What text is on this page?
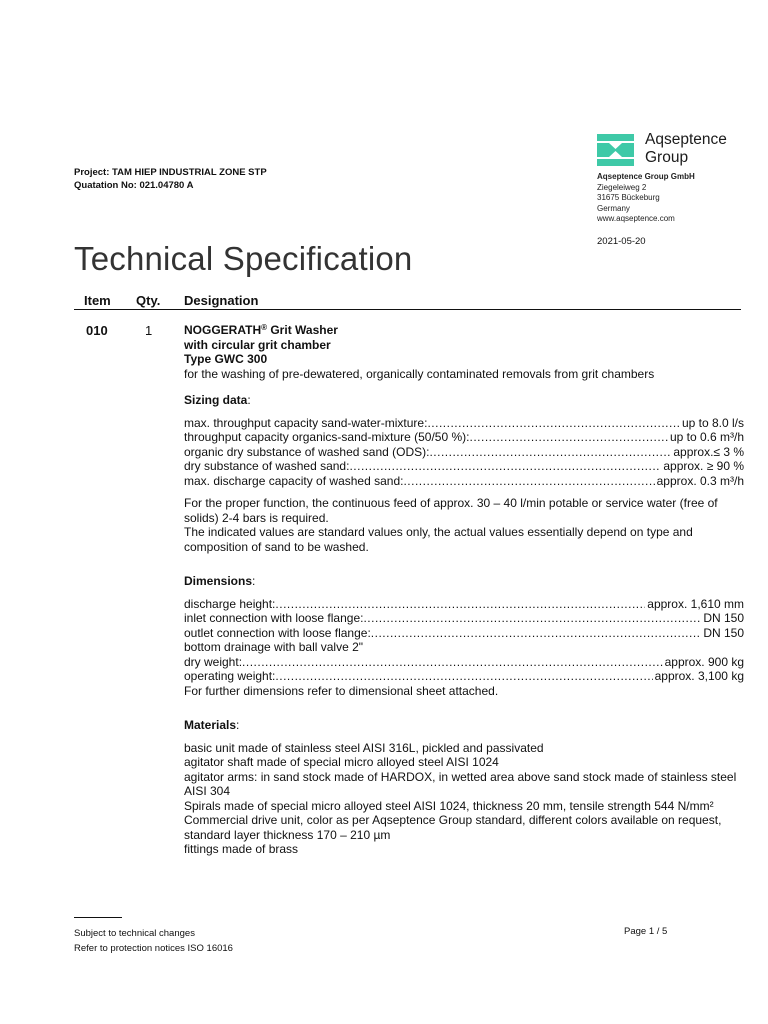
Project: TAM HIEP INDUSTRIAL ZONE STP
Quatation No: 021.04780 A
Aqseptence
Group
Aqseptence Group GmbH
Ziegeleiweg 2
31675 Bückeburg
Germany
www.aqseptence.com
2021-05-20
Technical Specification
Item Qty. Designation
010	1	NOGGERATH® Grit Washer

with circular grit chamber

Type GWC 300

for the washing of pre-dewatered, organically contaminated removals from grit chambers

Sizing data:

max. throughput capacity sand-water-mixture: .....	up to 8.0 l/s
throughput capacity organics-sand-mixture (50/50 %): .....	up to 0.6 m³/h
organic dry substance of washed sand (ODS): .....	approx.≤ 3 %
dry substance of washed sand: .....	approx. ≥ 90 %
max. discharge capacity of washed sand: .....	approx. 0.3 m³/h

For the proper function, the continuous feed of approx. 30 – 40 l/min potable or service water (free of solids) 2-4 bars is required.

The indicated values are standard values only, the actual values essentially depend on type and composition of sand to be washed.

Dimensions:

discharge height: .....	approx. 1,610 mm
inlet connection with loose flange: .....	DN 150
outlet connection with loose flange: .....	DN 150

bottom drainage with ball valve 2"

dry weight: .....	approx. 900 kg
operating weight: .....	approx. 3,100 kg

For further dimensions refer to dimensional sheet attached.

Materials:

basic unit made of stainless steel AISI 316L, pickled and passivated

agitator shaft made of special micro alloyed steel AISI 1024

agitator arms: in sand stock made of HARDOX, in wetted area above sand stock made of stainless steel AISI 304

Spirals made of special micro alloyed steel AISI 1024, thickness 20 mm, tensile strength 544 N/mm²

Commercial drive unit, color as per Aqseptence Group standard, different colors available on request, standard layer thickness 170 – 210 µm

fittings made of brass

Subject to technical changes
Refer to protection notices ISO 16016
Page 1 / 5
